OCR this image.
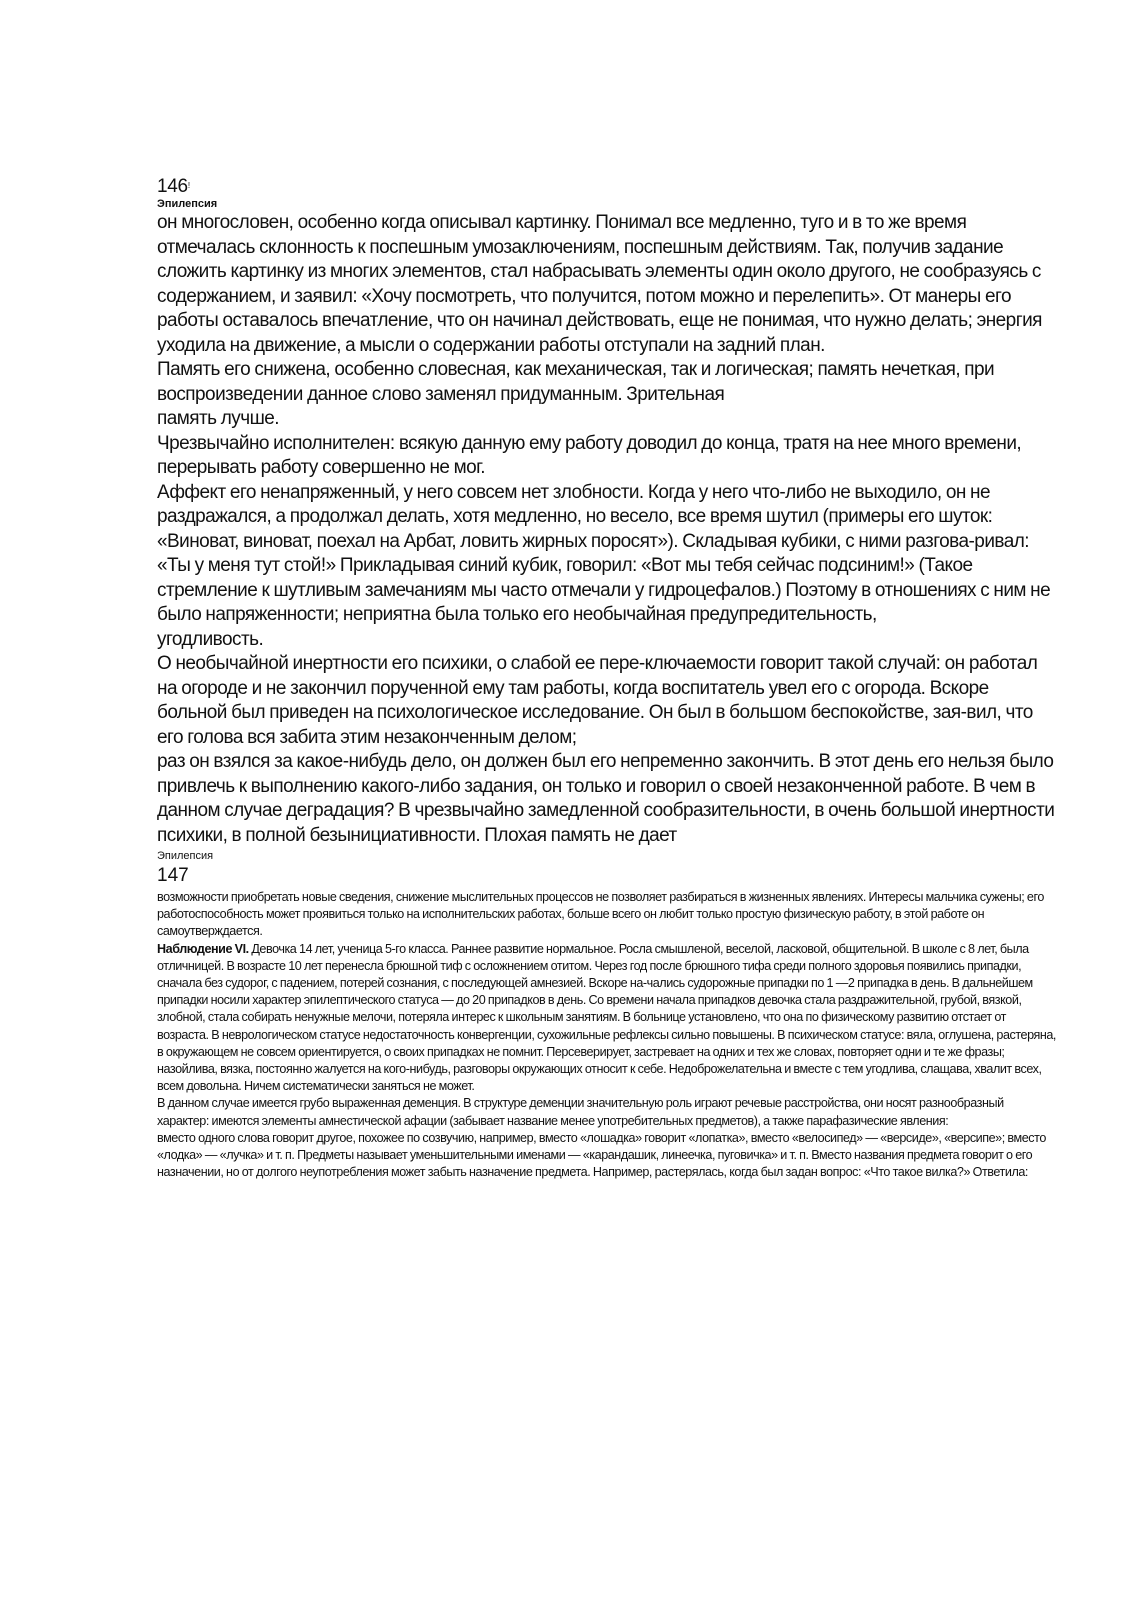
146!
Эпилепсия

он многословен, особенно когда описывал картинку. Понимал все медленно, туго и в то же время отмечалась склонность к поспешным умозаключениям, поспешным действиям. Так, получив задание сложить картинку из многих элементов, стал набрасывать элементы один около другого, не сообразуясь с содержанием, и заявил: «Хочу посмотреть, что получится, потом можно и перелепить». От манеры его работы оставалось впечатление, что он начинал действовать, еще не понимая, что нужно делать; энергия уходила на движение, а мысли о содержании работы отступали на задний план.

Память его снижена, особенно словесная, как механическая, так и логическая; память нечеткая, при воспроизведении данное слово заменял придуманным. Зрительная

память лучше.

Чрезвычайно исполнителен: всякую данную ему работу доводил до конца, тратя на нее много времени, перерывать работу совершенно не мог.

Аффект его ненапряженный, у него совсем нет злобности. Когда у него что-либо не выходило, он не раздражался, а продолжал делать, хотя медленно, но весело, все время шутил (примеры его шуток: «Виноват, виноват, поехал на Арбат, ловить жирных поросят»). Складывая кубики, с ними разгова-ривал: «Ты у меня тут стой!» Прикладывая синий кубик, говорил: «Вот мы тебя сейчас подсиним!» (Такое стремление к шутливым замечаниям мы часто отмечали у гидроцефалов.) Поэтому в отношениях с ним не было напряженности; неприятна была только его необычайная предупредительность,

угодливость.

О необычайной инертности его психики, о слабой ее пере-ключаемости говорит такой случай: он работал на огороде и не закончил порученной ему там работы, когда воспитатель увел его с огорода. Вскоре больной был приведен на психологическое исследование. Он был в большом беспокойстве, зая-вил, что его голова вся забита этим незаконченным делом;

раз он взялся за какое-нибудь дело, он должен был его непременно закончить. В этот день его нельзя было привлечь к выполнению какого-либо задания, он только и говорил о своей незаконченной работе. В чем в данном случае деградация? В чрезвычайно замедленной сообразительности, в очень большой инертности психики, в полной безынициативности. Плохая память не дает

Эпилепсия
147

возможности приобретать новые сведения, снижение мыслительных процессов не позволяет разбираться в жизненных явлениях. Интересы мальчика сужены; его работоспособность может проявиться только на исполнительских работах, больше всего он любит только простую физическую работу, в этой работе он самоутверждается.

Наблюдение VI. Девочка 14 лет, ученица 5-го класса. Раннее развитие нормальное. Росла смышленой, веселой, ласковой, общительной. В школе с 8 лет, была отличницей. В возрасте 10 лет перенесла брюшной тиф с осложнением отитом. Через год после брюшного тифа среди полного здоровья появились припадки, сначала без судорог, с падением, потерей сознания, с последующей амнезией. Вскоре на-чались судорожные припадки по 1 —2 припадка в день. В дальнейшем припадки носили характер эпилептического статуса — до 20 припадков в день. Со времени начала припадков девочка стала раздражительной, грубой, вязкой, злобной, стала собирать ненужные мелочи, потеряла интерес к школьным занятиям. В больнице установлено, что она по физическому развитию отстает от возраста. В неврологическом статусе недостаточность конвергенции, сухожильные рефлексы сильно повышены. В психическом статусе: вяла, оглушена, растеряна, в окружающем не совсем ориентируется, о своих припадках не помнит. Персеверирует, застревает на одних и тех же словах, повторяет одни и те же фразы; назойлива, вязка, постоянно жалуется на кого-нибудь, разговоры окружающих относит к себе. Недоброжелательна и вместе с тем угодлива, слащава, хвалит всех, всем довольна. Ничем систематически заняться не может.

В данном случае имеется грубо выраженная деменция. В структуре деменции значительную роль играют речевые расстройства, они носят разнообразный характер: имеются элементы амнестической афации (забывает название менее употребительных предметов), а также парафазические явления:

вместо одного слова говорит другое, похожее по созвучию, например, вместо «лошадка» говорит «лопатка», вместо «велосипед» — «версиде», «версипе»; вместо «лодка» — «лучка» и т. п. Предметы называет уменьшительными именами — «карандашик, линеечка, пуговичка» и т. п. Вместо названия предмета говорит о его назначении, но от долгого неупотребления может забыть назначение предмета. Например, растерялась, когда был задан вопрос: «Что такое вилка?» Ответила:
